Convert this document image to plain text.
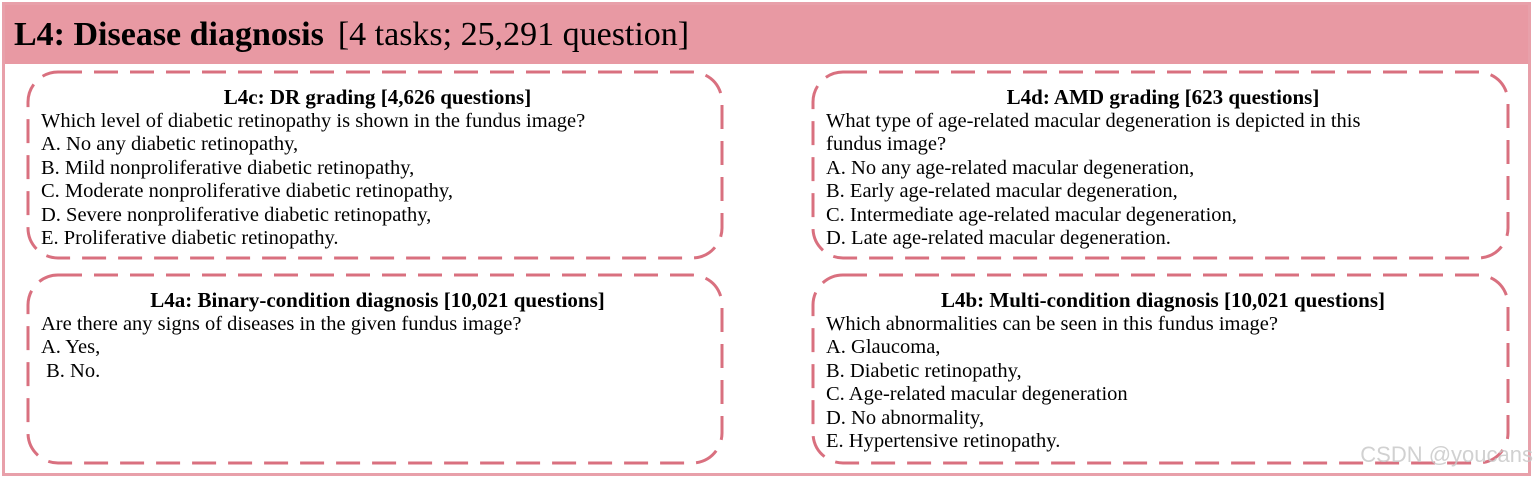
L4: Disease diagnosis [4 tasks; 25,291 question]
L4c: DR grading [4,626 questions]
Which level of diabetic retinopathy is shown in the fundus image?
A. No any diabetic retinopathy,
B. Mild nonproliferative diabetic retinopathy,
C. Moderate nonproliferative diabetic retinopathy,
D. Severe nonproliferative diabetic retinopathy,
E. Proliferative diabetic retinopathy.
L4d: AMD grading [623 questions]
What type of age-related macular degeneration is depicted in this
fundus image?
A. No any age-related macular degeneration,
B. Early age-related macular degeneration,
C. Intermediate age-related macular degeneration,
D. Late age-related macular degeneration.
L4a: Binary-condition diagnosis [10,021 questions]
Are there any signs of diseases in the given fundus image?
A. Yes,
B. No.
L4b: Multi-condition diagnosis [10,021 questions]
Which abnormalities can be seen in this fundus image?
A. Glaucoma,
B. Diabetic retinopathy,
C. Age-related macular degeneration
D. No abnormality,
E. Hypertensive retinopathy.
CSDN @youcans
